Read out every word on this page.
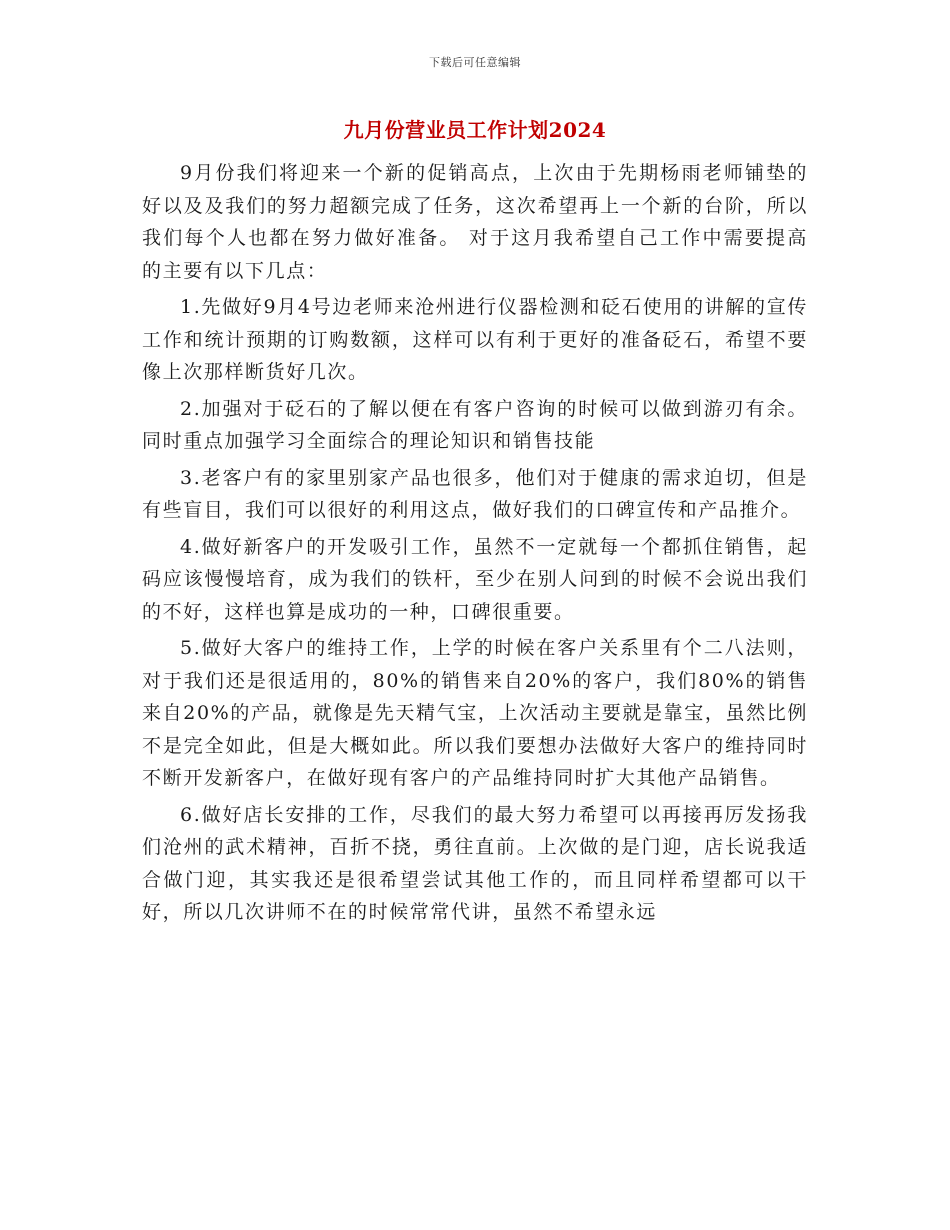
下载后可任意编辑
九月份营业员工作计划2024

9月份我们将迎来一个新的促销高点，上次由于先期杨雨老师铺垫的好以及及我们的努力超额完成了任务，这次希望再上一个新的台阶，所以我们每个人也都在努力做好准备。 对于这月我希望自己工作中需要提高的主要有以下几点：

1.先做好9月4号边老师来沧州进行仪器检测和砭石使用的讲解的宣传工作和统计预期的订购数额，这样可以有利于更好的准备砭石，希望不要像上次那样断货好几次。

2.加强对于砭石的了解以便在有客户咨询的时候可以做到游刃有余。同时重点加强学习全面综合的理论知识和销售技能

3.老客户有的家里别家产品也很多，他们对于健康的需求迫切，但是有些盲目，我们可以很好的利用这点，做好我们的口碑宣传和产品推介。

4.做好新客户的开发吸引工作，虽然不一定就每一个都抓住销售，起码应该慢慢培育，成为我们的铁杆，至少在别人问到的时候不会说出我们的不好，这样也算是成功的一种，口碑很重要。

5.做好大客户的维持工作，上学的时候在客户关系里有个二八法则，对于我们还是很适用的，80%的销售来自20%的客户，我们80%的销售来自20%的产品，就像是先天精气宝，上次活动主要就是靠宝，虽然比例不是完全如此，但是大概如此。所以我们要想办法做好大客户的维持同时不断开发新客户，在做好现有客户的产品维持同时扩大其他产品销售。

6.做好店长安排的工作，尽我们的最大努力希望可以再接再厉发扬我们沧州的武术精神，百折不挠，勇往直前。上次做的是门迎，店长说我适合做门迎，其实我还是很希望尝试其他工作的，而且同样希望都可以干好，所以几次讲师不在的时候常常代讲，虽然不希望永远
